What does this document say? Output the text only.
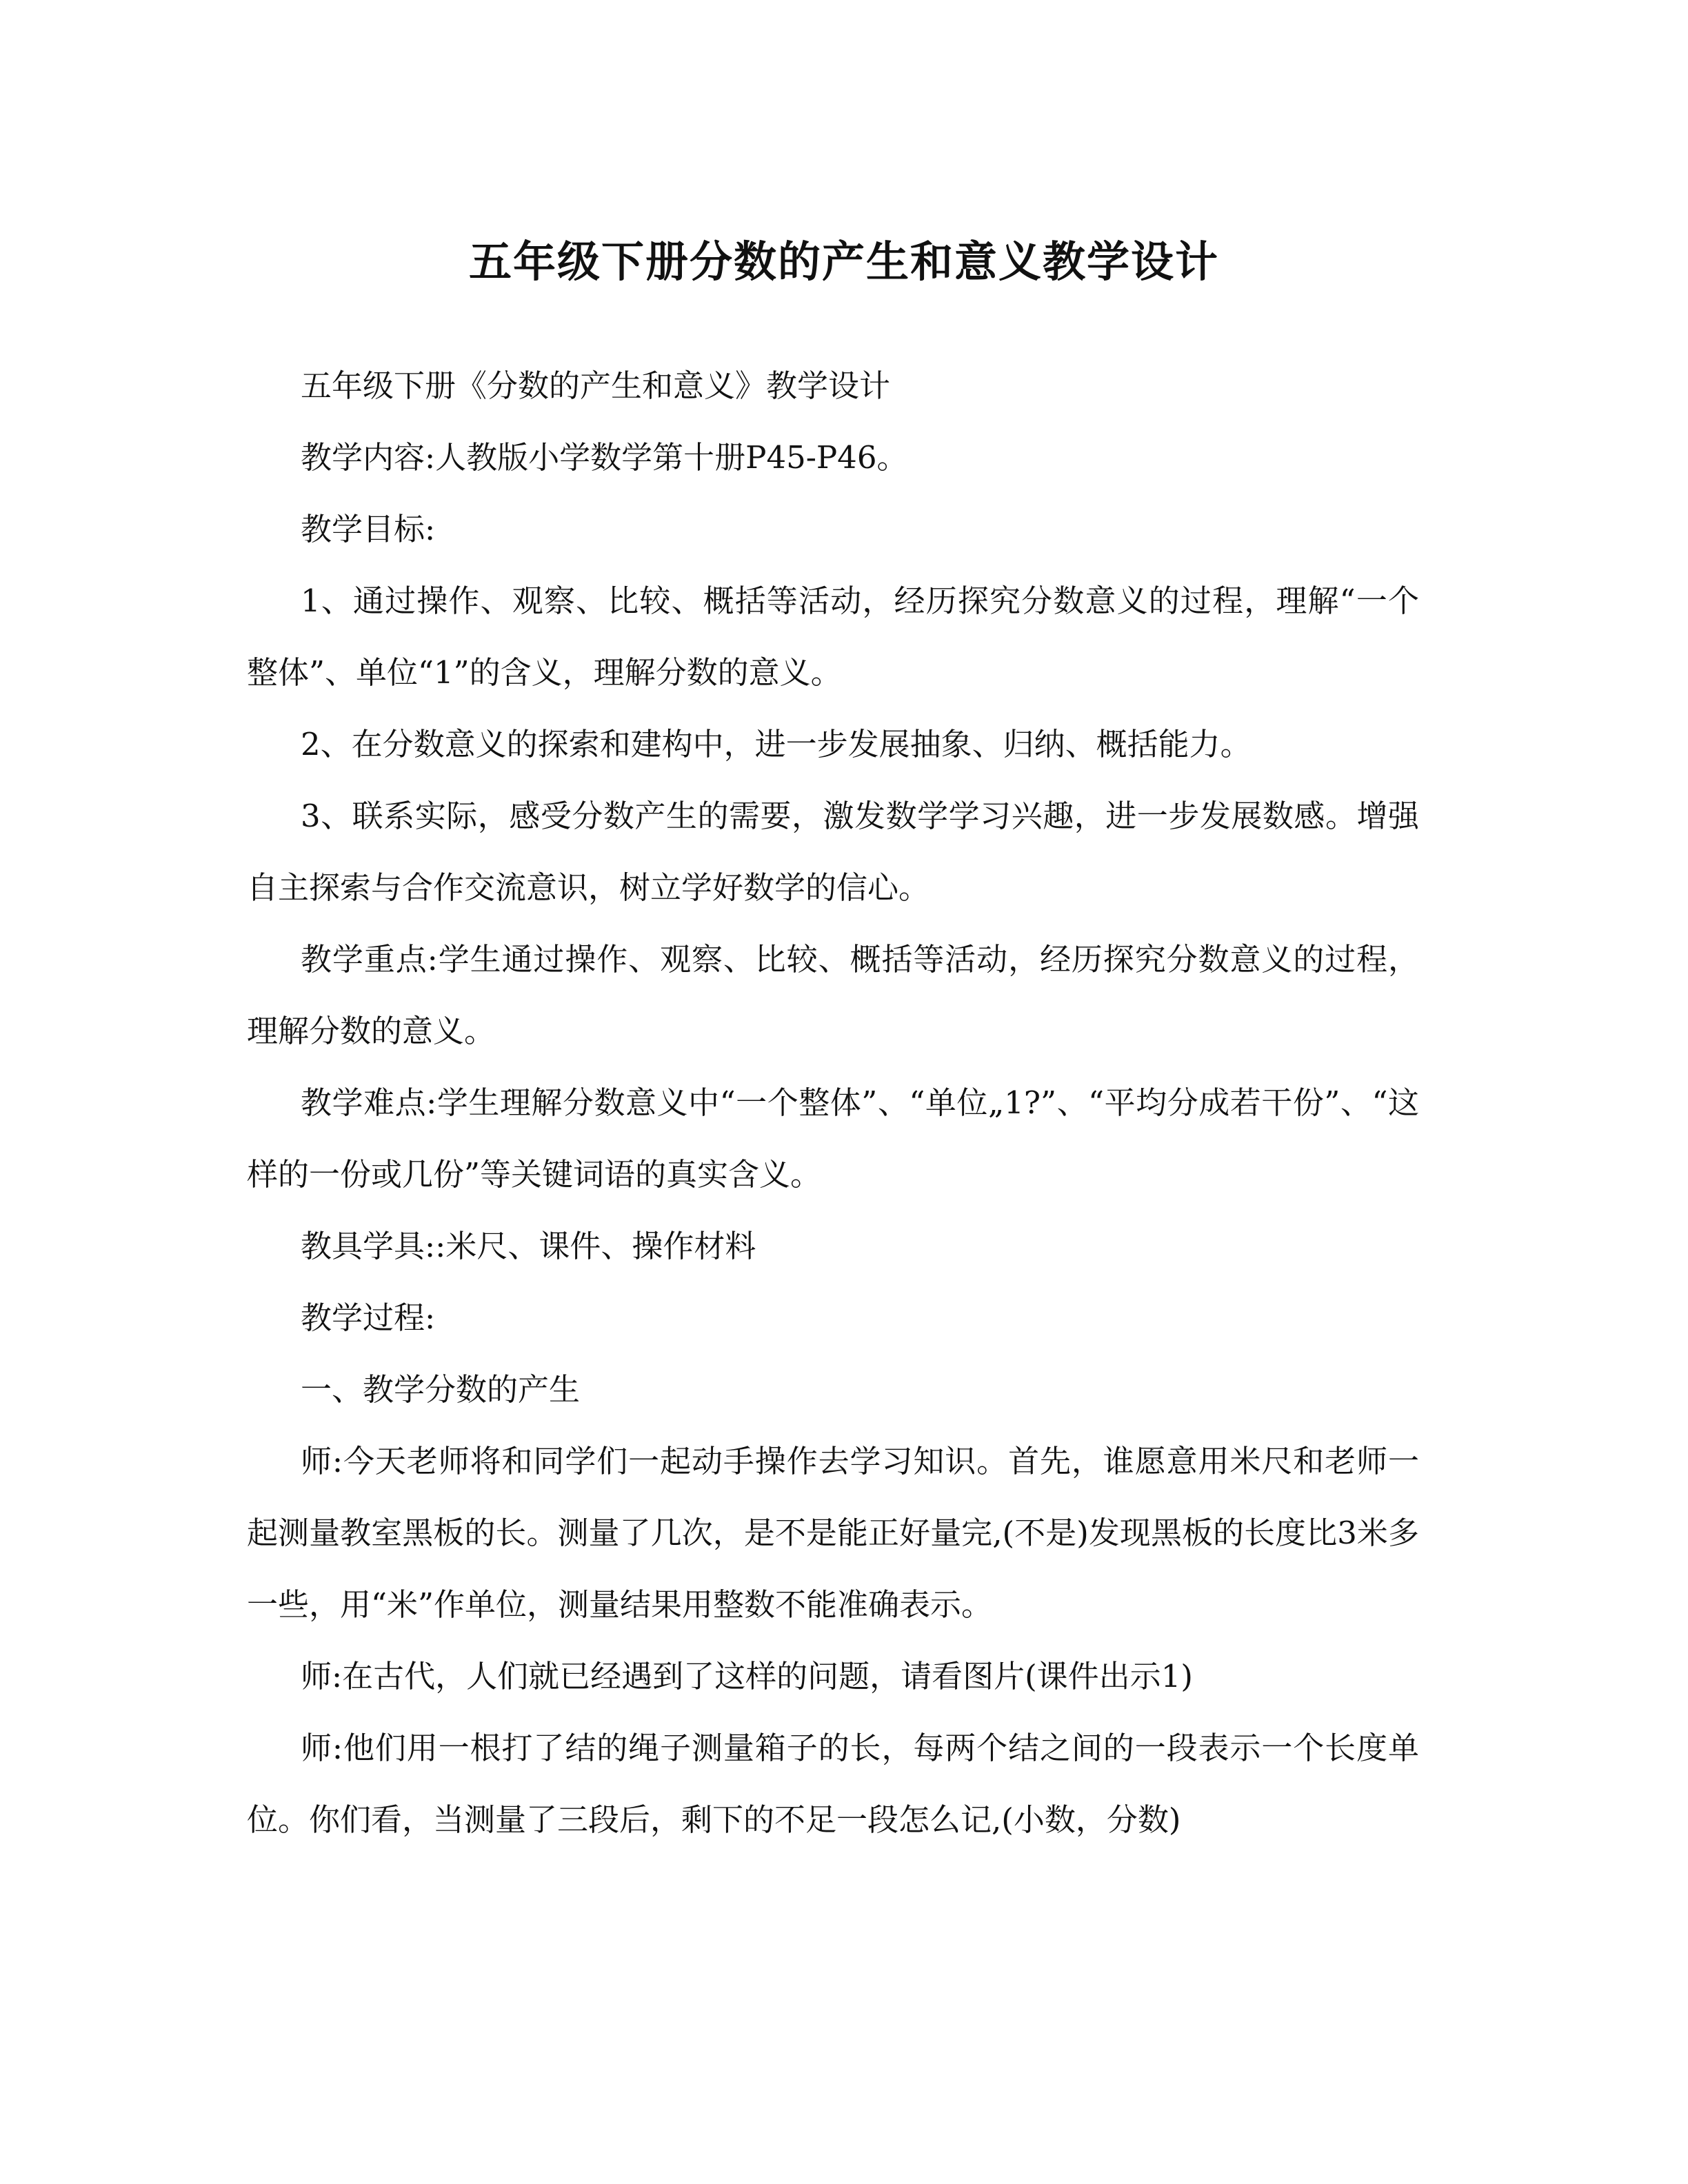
五年级下册分数的产生和意义教学设计

五年级下册《分数的产生和意义》教学设计

教学内容:人教版小学数学第十册P45-P46。

教学目标:

1、通过操作、观察、比较、概括等活动，经历探究分数意义的过程，理解“一个整体”、单位“1”的含义，理解分数的意义。

2、在分数意义的探索和建构中，进一步发展抽象、归纳、概括能力。

3、联系实际，感受分数产生的需要，激发数学学习兴趣，进一步发展数感。增强自主探索与合作交流意识，树立学好数学的信心。

教学重点:学生通过操作、观察、比较、概括等活动，经历探究分数意义的过程，理解分数的意义。

教学难点:学生理解分数意义中“一个整体”、“单位„1?”、“平均分成若干份”、“这样的一份或几份”等关键词语的真实含义。

教具学具::米尺、课件、操作材料

教学过程:

一、教学分数的产生

师:今天老师将和同学们一起动手操作去学习知识。首先，谁愿意用米尺和老师一起测量教室黑板的长。测量了几次，是不是能正好量完,(不是)发现黑板的长度比3米多一些，用“米”作单位，测量结果用整数不能准确表示。

师:在古代，人们就已经遇到了这样的问题，请看图片(课件出示1)

师:他们用一根打了结的绳子测量箱子的长，每两个结之间的一段表示一个长度单位。你们看，当测量了三段后，剩下的不足一段怎么记,(小数，分数)
